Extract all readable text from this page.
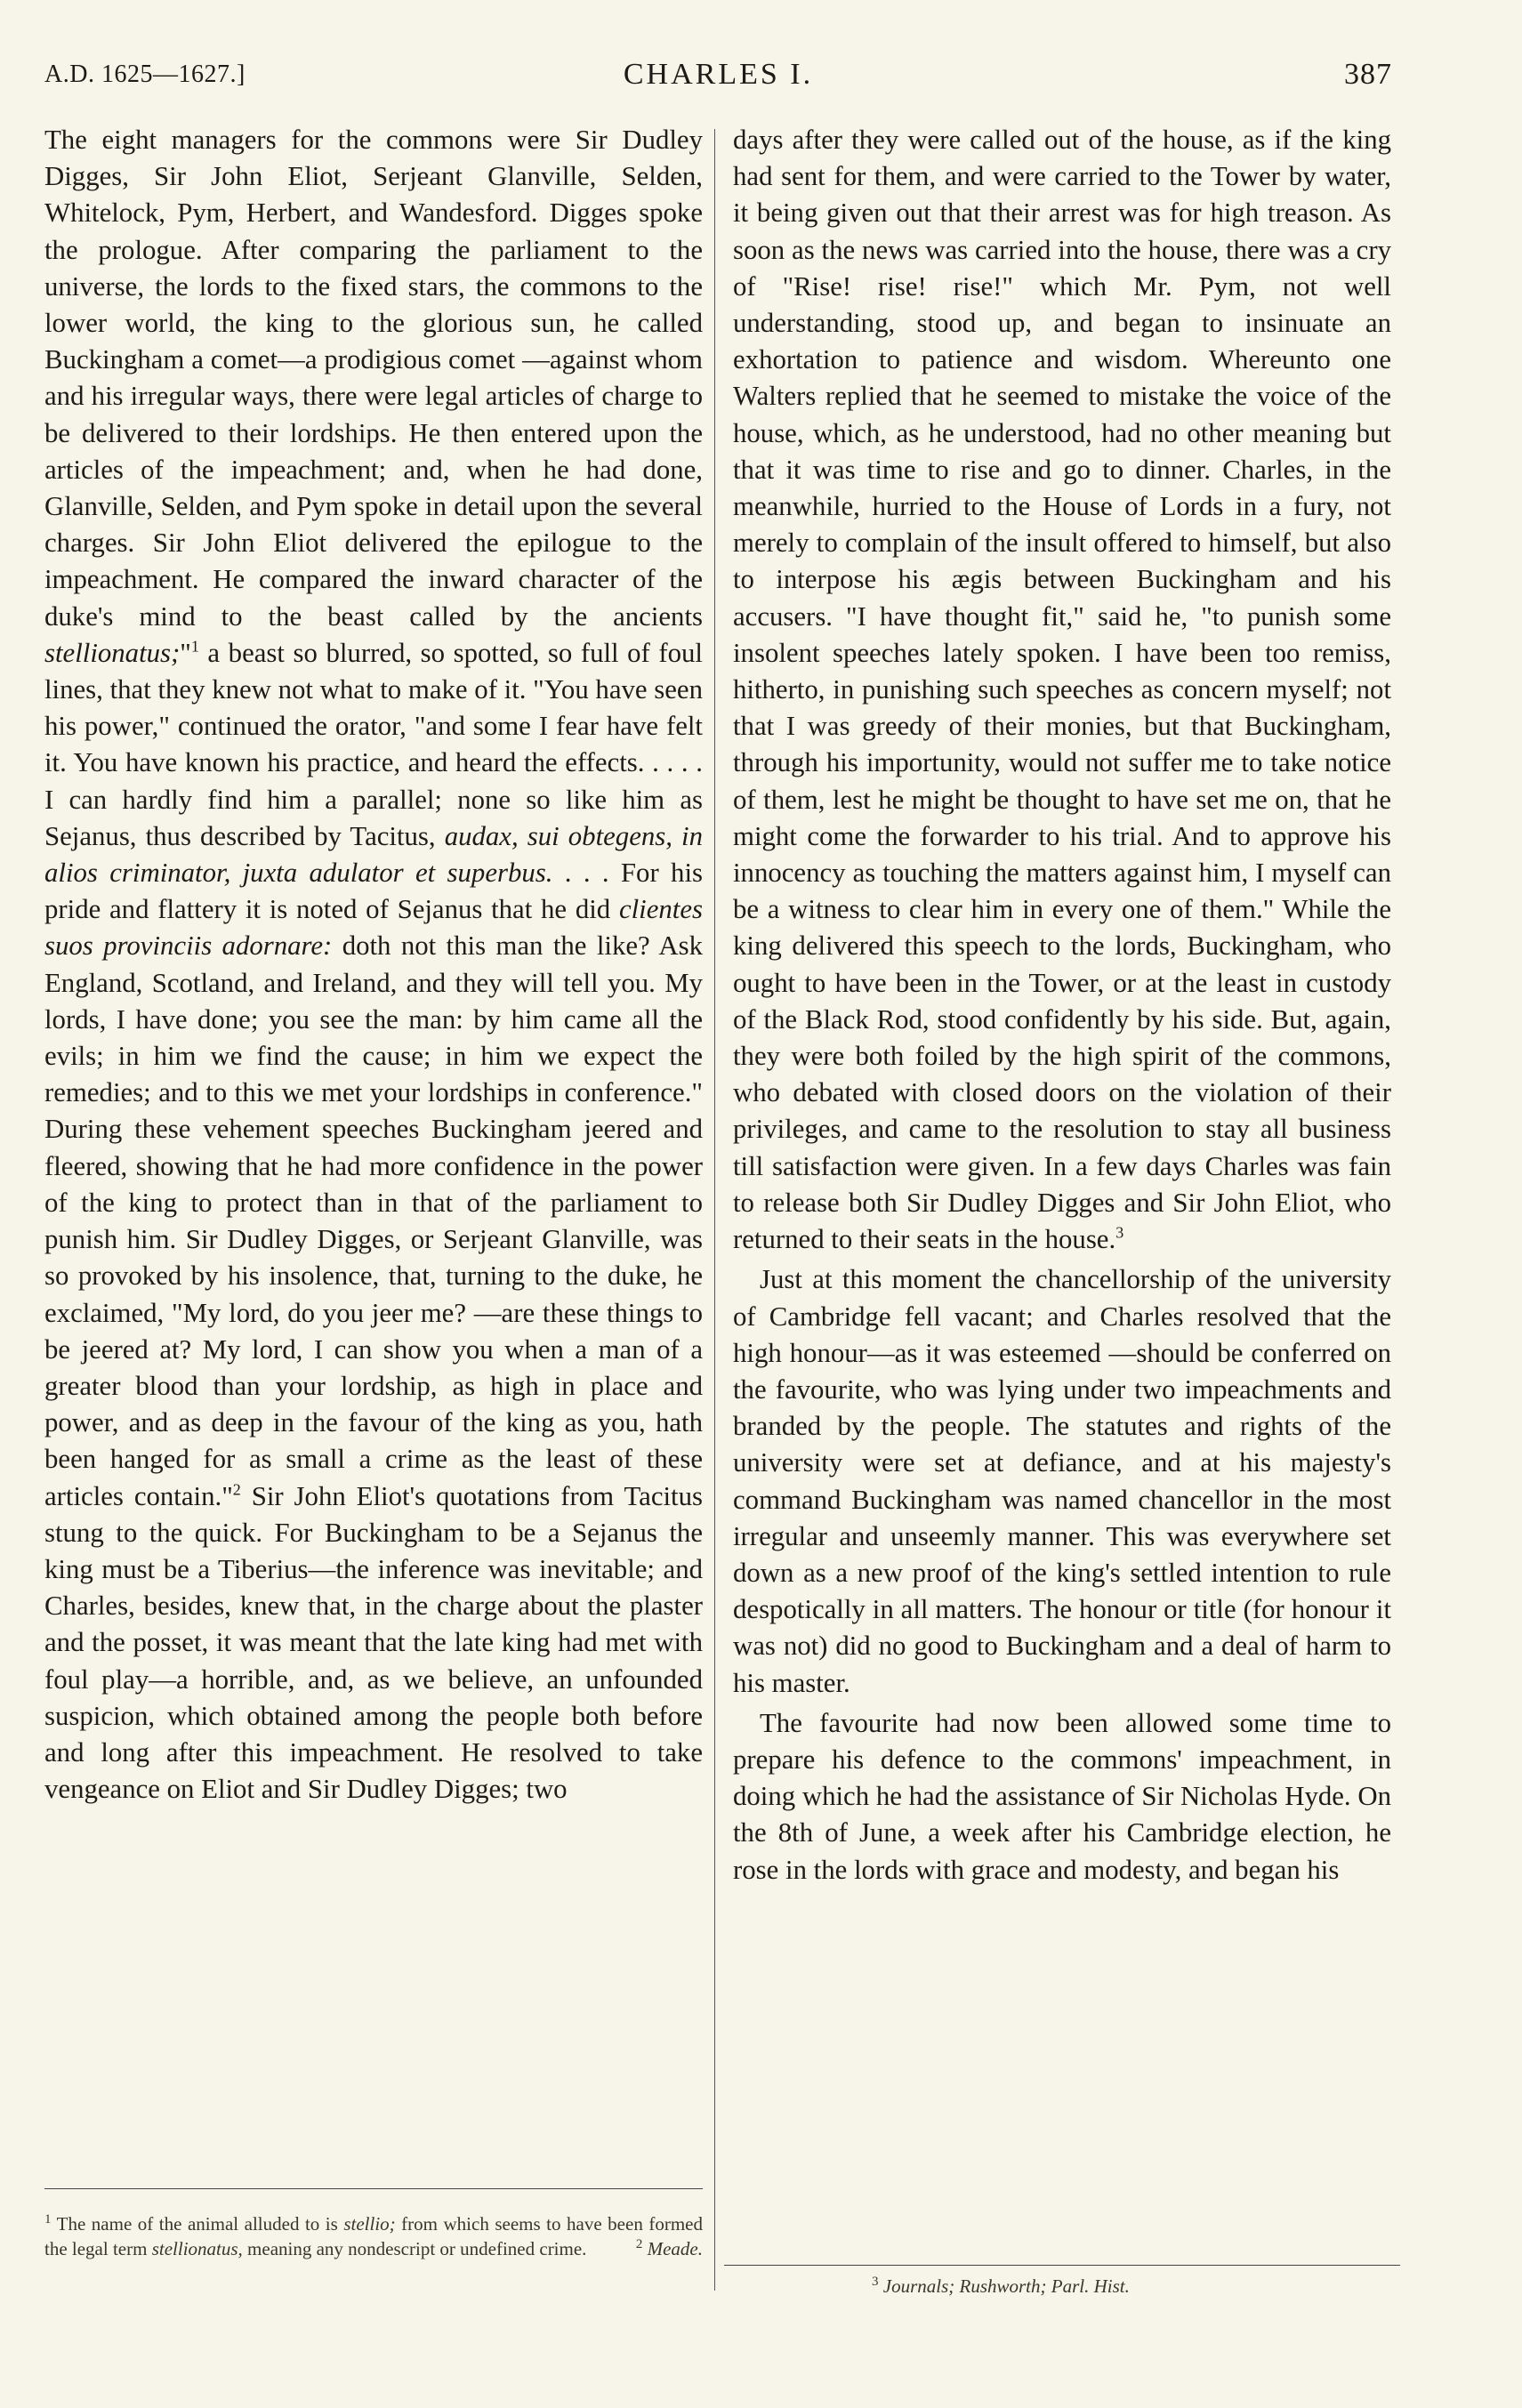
A.D. 1625—1627.]	CHARLES I.	387

The eight managers for the commons were Sir Dudley Digges, Sir John Eliot, Serjeant Glanville, Selden, Whitelock, Pym, Herbert, and Wandesford. Digges spoke the prologue. After comparing the parliament to the universe, the lords to the fixed stars, the commons to the lower world, the king to the glorious sun, he called Buckingham a comet—a prodigious comet —against whom and his irregular ways, there were legal articles of charge to be delivered to their lordships. He then entered upon the articles of the impeachment; and, when he had done, Glanville, Selden, and Pym spoke in detail upon the several charges. Sir John Eliot delivered the epilogue to the impeachment. He compared the inward character of the duke's mind to the beast called by the ancients stellionatus;"$^1$ a beast so blurred, so spotted, so full of foul lines, that they knew not what to make of it. "You have seen his power," continued the orator, "and some I fear have felt it. You have known his practice, and heard the effects. . . . . I can hardly find him a parallel; none so like him as Sejanus, thus described by Tacitus, audax, sui obtegens, in alios criminator, juxta adulator et superbus. . . . For his pride and flattery it is noted of Sejanus that he did clientes suos provinciis adornare: doth not this man the like? Ask England, Scotland, and Ireland, and they will tell you. My lords, I have done; you see the man: by him came all the evils; in him we find the cause; in him we expect the remedies; and to this we met your lordships in conference." During these vehement speeches Buckingham jeered and fleered, showing that he had more confidence in the power of the king to protect than in that of the parliament to punish him. Sir Dudley Digges, or Serjeant Glanville, was so provoked by his insolence, that, turning to the duke, he exclaimed, "My lord, do you jeer me? —are these things to be jeered at? My lord, I can show you when a man of a greater blood than your lordship, as high in place and power, and as deep in the favour of the king as you, hath been hanged for as small a crime as the least of these articles contain."$^2$ Sir John Eliot's quotations from Tacitus stung to the quick. For Buckingham to be a Sejanus the king must be a Tiberius—the inference was inevitable; and Charles, besides, knew that, in the charge about the plaster and the posset, it was meant that the late king had met with foul play—a horrible, and, as we believe, an unfounded suspicion, which obtained among the people both before and long after this impeachment. He resolved to take vengeance on Eliot and Sir Dudley Digges; two

days after they were called out of the house, as if the king had sent for them, and were carried to the Tower by water, it being given out that their arrest was for high treason. As soon as the news was carried into the house, there was a cry of "Rise! rise! rise!" which Mr. Pym, not well understanding, stood up, and began to insinuate an exhortation to patience and wisdom. Whereunto one Walters replied that he seemed to mistake the voice of the house, which, as he understood, had no other meaning but that it was time to rise and go to dinner. Charles, in the meanwhile, hurried to the House of Lords in a fury, not merely to complain of the insult offered to himself, but also to interpose his ægis between Buckingham and his accusers. "I have thought fit," said he, "to punish some insolent speeches lately spoken. I have been too remiss, hitherto, in punishing such speeches as concern myself; not that I was greedy of their monies, but that Buckingham, through his importunity, would not suffer me to take notice of them, lest he might be thought to have set me on, that he might come the forwarder to his trial. And to approve his innocency as touching the matters against him, I myself can be a witness to clear him in every one of them." While the king delivered this speech to the lords, Buckingham, who ought to have been in the Tower, or at the least in custody of the Black Rod, stood confidently by his side. But, again, they were both foiled by the high spirit of the commons, who debated with closed doors on the violation of their privileges, and came to the resolution to stay all business till satisfaction were given. In a few days Charles was fain to release both Sir Dudley Digges and Sir John Eliot, who returned to their seats in the house.$^3$

Just at this moment the chancellorship of the university of Cambridge fell vacant; and Charles resolved that the high honour—as it was esteemed —should be conferred on the favourite, who was lying under two impeachments and branded by the people. The statutes and rights of the university were set at defiance, and at his majesty's command Buckingham was named chancellor in the most irregular and unseemly manner. This was everywhere set down as a new proof of the king's settled intention to rule despotically in all matters. The honour or title (for honour it was not) did no good to Buckingham and a deal of harm to his master.

The favourite had now been allowed some time to prepare his defence to the commons' impeachment, in doing which he had the assistance of Sir Nicholas Hyde. On the 8th of June, a week after his Cambridge election, he rose in the lords with grace and modesty, and began his

$^1$ The name of the animal alluded to is stellio; from which seems to have been formed the legal term stellionatus, meaning any nondescript or undefined crime.	$^2$ Meade.
$^3$ Journals; Rushworth; Parl. Hist.
